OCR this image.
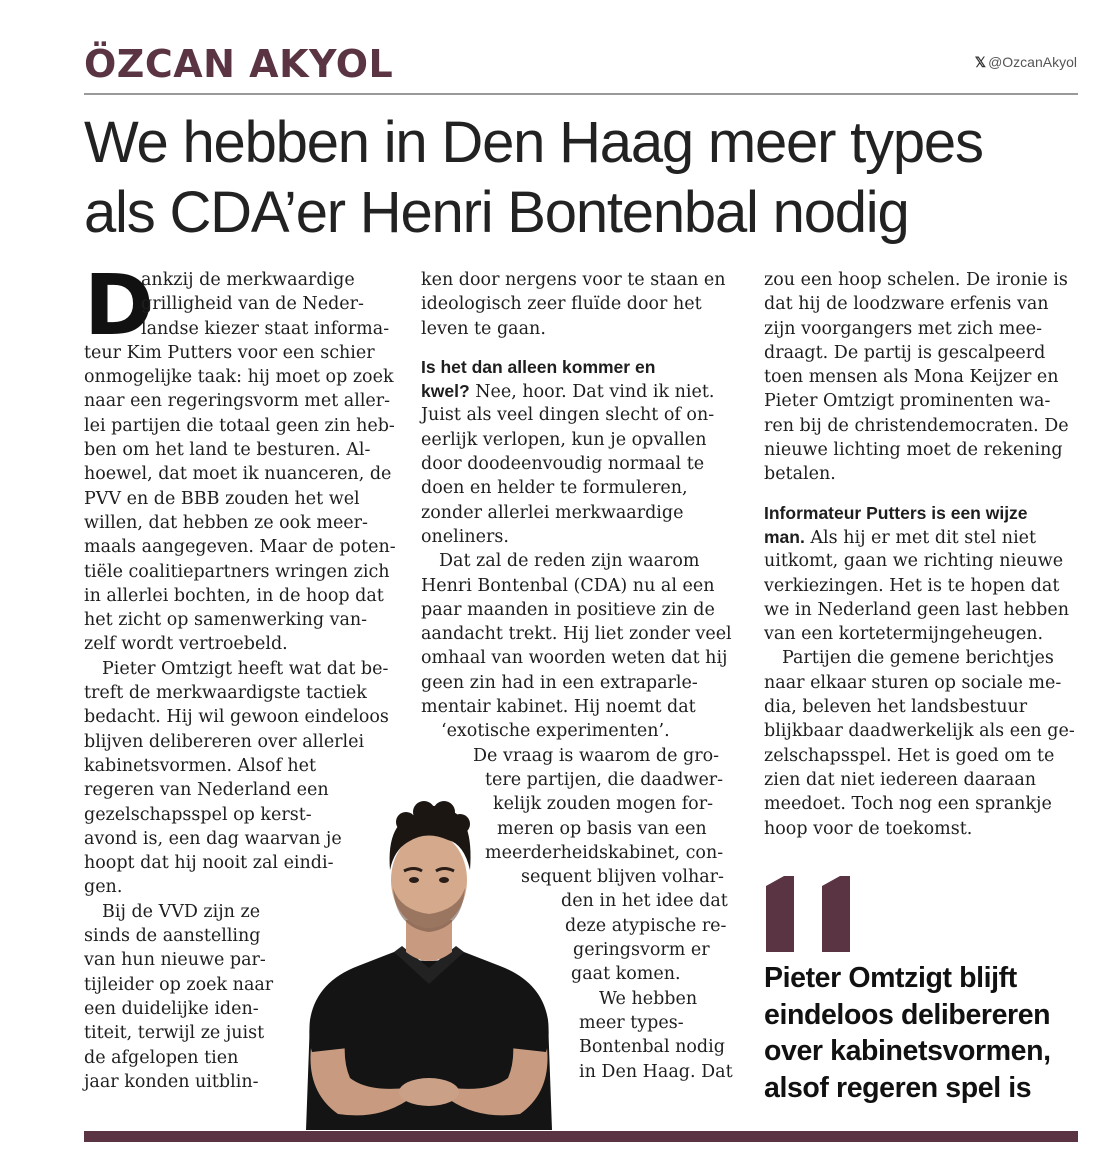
ÖZCAN AKYOL	𝕏 @OzcanAkyol
We hebben in Den Haag meer types
als CDA’er Henri Bontenbal nodig
D
ankzij de merkwaardige
grilligheid van de Neder-
landse kiezer staat informa-
teur Kim Putters voor een schier
onmogelijke taak: hij moet op zoek
naar een regeringsvorm met aller-
lei partijen die totaal geen zin heb-
ben om het land te besturen. Al-
hoewel, dat moet ik nuanceren, de
PVV en de BBB zouden het wel
willen, dat hebben ze ook meer-
maals aangegeven. Maar de poten-
tiële coalitiepartners wringen zich
in allerlei bochten, in de hoop dat
het zicht op samenwerking van-
zelf wordt vertroebeld.
Pieter Omtzigt heeft wat dat be-
treft de merkwaardigste tactiek
bedacht. Hij wil gewoon eindeloos
blijven delibereren over allerlei
kabinetsvormen. Alsof het
regeren van Nederland een
gezelschapsspel op kerst-
avond is, een dag waarvan je
hoopt dat hij nooit zal eindi-
gen.
Bij de VVD zijn ze
sinds de aanstelling
van hun nieuwe par-
tijleider op zoek naar
een duidelijke iden-
titeit, terwijl ze juist
de afgelopen tien
jaar konden uitblin-
ken door nergens voor te staan en
ideologisch zeer fluïde door het
leven te gaan.
Is het dan alleen kommer en
kwel? Nee, hoor. Dat vind ik niet.
Juist als veel dingen slecht of on-
eerlijk verlopen, kun je opvallen
door doodeenvoudig normaal te
doen en helder te formuleren,
zonder allerlei merkwaardige
oneliners.
Dat zal de reden zijn waarom
Henri Bontenbal (CDA) nu al een
paar maanden in positieve zin de
aandacht trekt. Hij liet zonder veel
omhaal van woorden weten dat hij
geen zin had in een extraparle-
mentair kabinet. Hij noemt dat
‘exotische experimenten’.
De vraag is waarom de gro-
tere partijen, die daadwer-
kelijk zouden mogen for-
meren op basis van een
meerderheidskabinet, con-
sequent blijven volhar-
den in het idee dat
deze atypische re-
geringsvorm er
gaat komen.
We hebben
meer types-
Bontenbal nodig
in Den Haag. Dat
zou een hoop schelen. De ironie is
dat hij de loodzware erfenis van
zijn voorgangers met zich mee-
draagt. De partij is gescalpeerd
toen mensen als Mona Keijzer en
Pieter Omtzigt prominenten wa-
ren bij de christendemocraten. De
nieuwe lichting moet de rekening
betalen.
Informateur Putters is een wijze
man. Als hij er met dit stel niet
uitkomt, gaan we richting nieuwe
verkiezingen. Het is te hopen dat
we in Nederland geen last hebben
van een kortetermijngeheugen.
Partijen die gemene berichtjes
naar elkaar sturen op sociale me-
dia, beleven het landsbestuur
blijkbaar daadwerkelijk als een ge-
zelschapsspel. Het is goed om te
zien dat niet iedereen daaraan
meedoet. Toch nog een sprankje
hoop voor de toekomst.
Pieter Omtzigt blijft
eindeloos delibereren
over kabinetsvormen,
alsof regeren spel is
